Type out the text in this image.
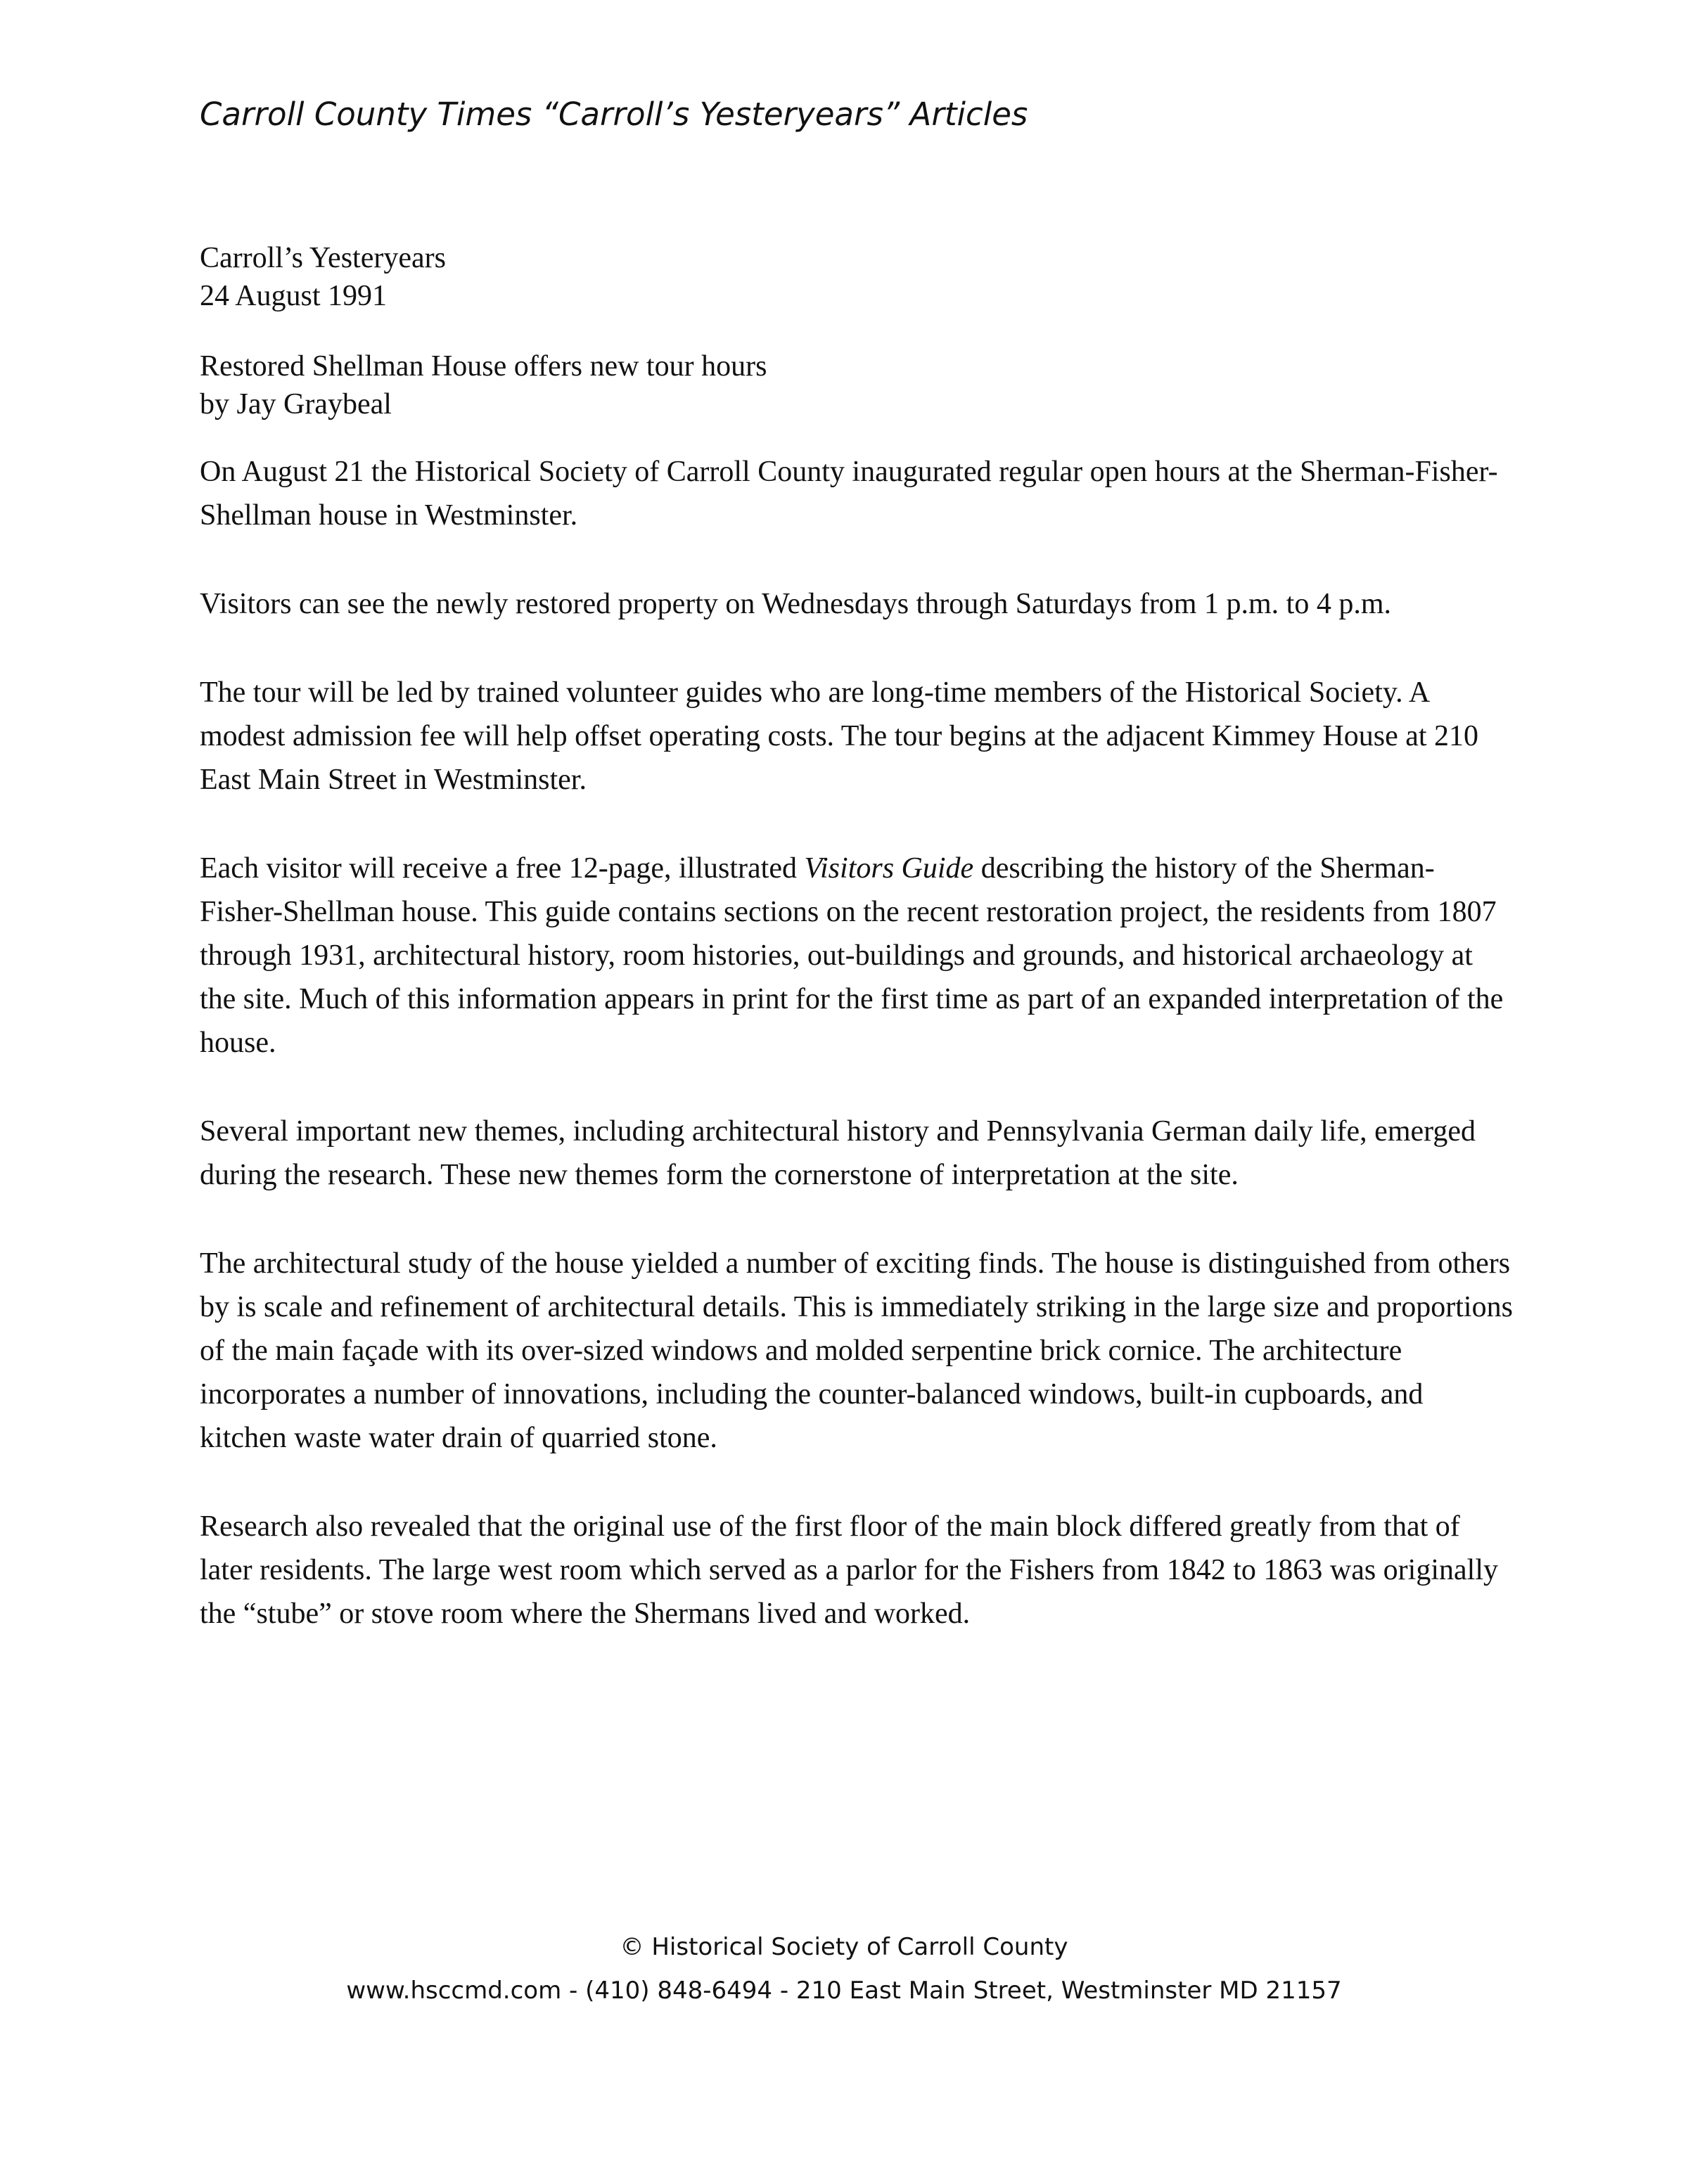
Carroll County Times “Carroll’s Yesteryears” Articles
Carroll’s Yesteryears
24 August 1991
Restored Shellman House offers new tour hours
by Jay Graybeal

On August 21 the Historical Society of Carroll County inaugurated regular open hours at the Sherman-Fisher-Shellman house in Westminster.

Visitors can see the newly restored property on Wednesdays through Saturdays from 1 p.m. to 4 p.m.

The tour will be led by trained volunteer guides who are long-time members of the Historical Society. A modest admission fee will help offset operating costs. The tour begins at the adjacent Kimmey House at 210 East Main Street in Westminster.

Each visitor will receive a free 12-page, illustrated Visitors Guide describing the history of the Sherman-Fisher-Shellman house. This guide contains sections on the recent restoration project, the residents from 1807 through 1931, architectural history, room histories, out-buildings and grounds, and historical archaeology at the site. Much of this information appears in print for the first time as part of an expanded interpretation of the house.

Several important new themes, including architectural history and Pennsylvania German daily life, emerged during the research. These new themes form the cornerstone of interpretation at the site.

The architectural study of the house yielded a number of exciting finds. The house is distinguished from others by is scale and refinement of architectural details. This is immediately striking in the large size and proportions of the main façade with its over-sized windows and molded serpentine brick cornice. The architecture incorporates a number of innovations, including the counter-balanced windows, built-in cupboards, and kitchen waste water drain of quarried stone.

Research also revealed that the original use of the first floor of the main block differed greatly from that of later residents. The large west room which served as a parlor for the Fishers from 1842 to 1863 was originally the “stube” or stove room where the Shermans lived and worked.

© Historical Society of Carroll County
www.hsccmd.com - (410) 848-6494 - 210 East Main Street, Westminster MD 21157
